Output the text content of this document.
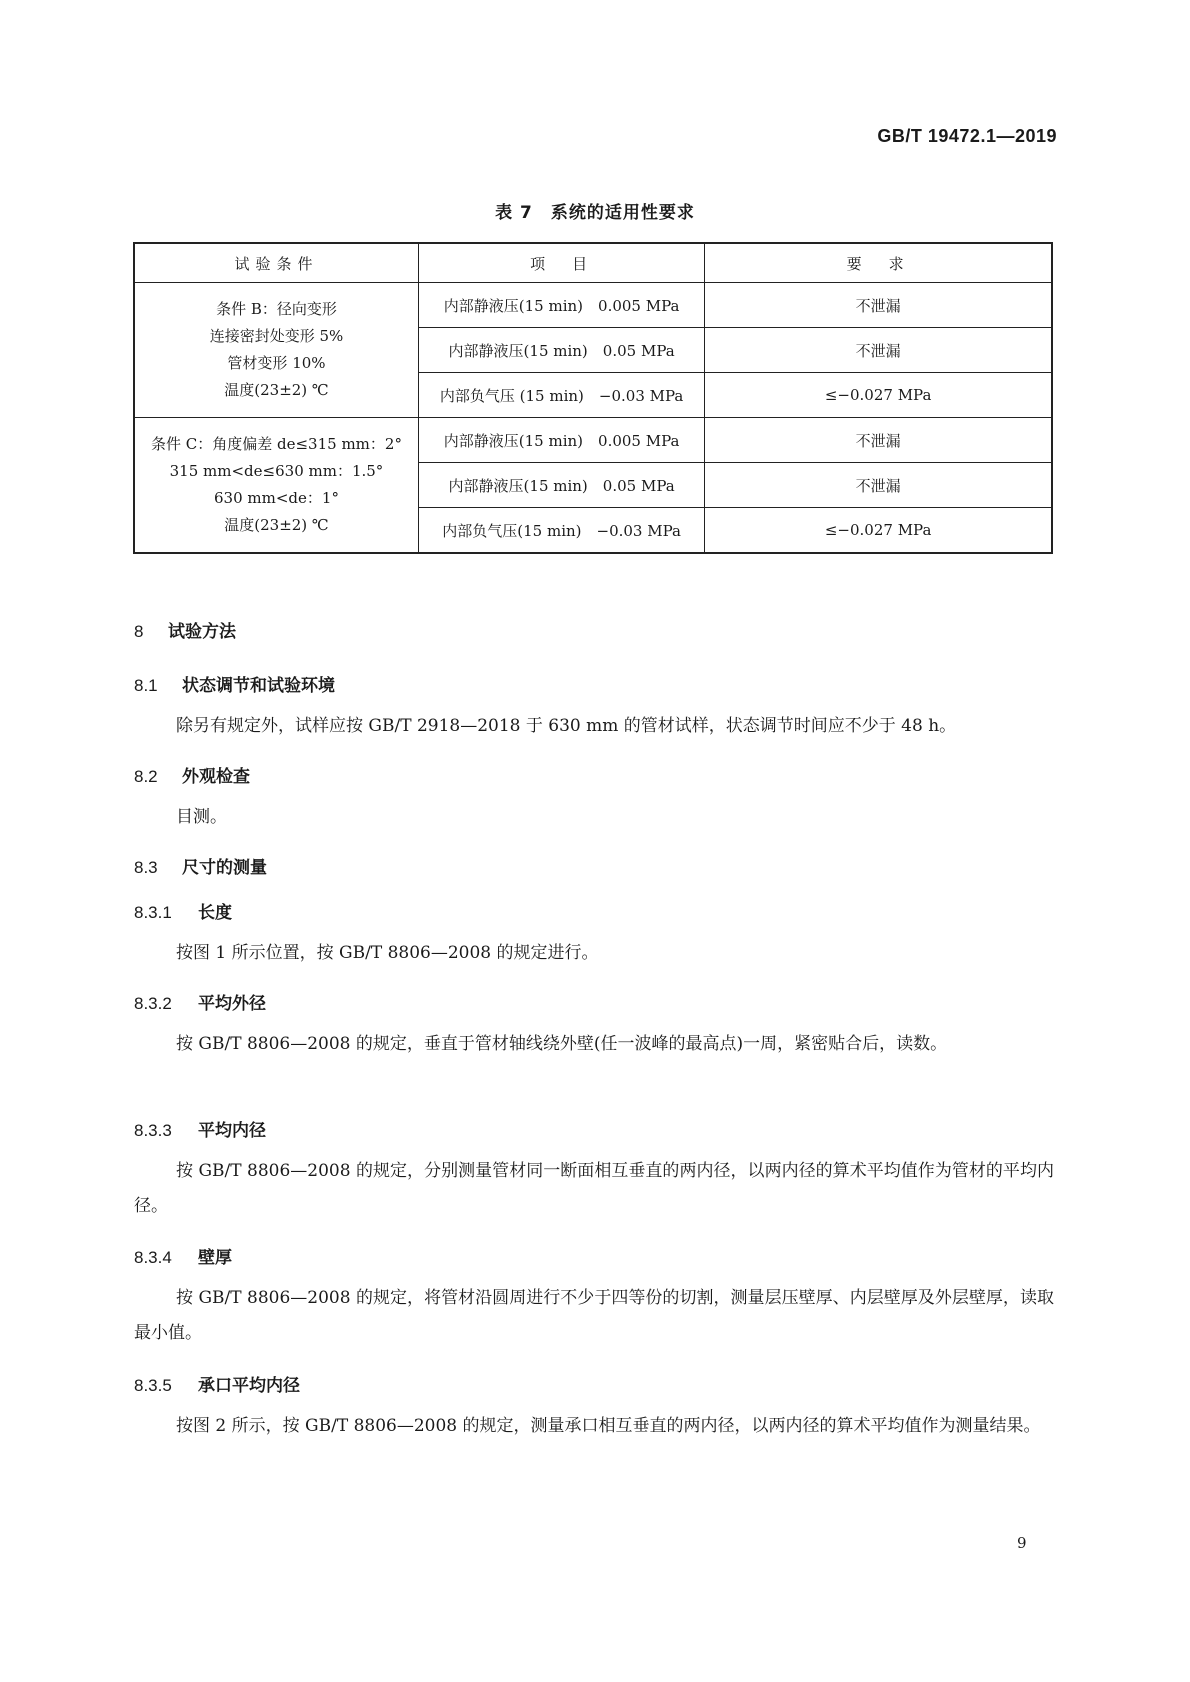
GB/T 19472.1—2019
表 7　系统的适用性要求
试验条件	项　目	要　求

条件 B：径向变形
连接密封处变形 5%
管材变形 10%
温度(23±2) ℃	内部静液压(15 min)　0.005 MPa	不泄漏
	内部静液压(15 min)　0.05 MPa	不泄漏
	内部负气压 (15 min)　−0.03 MPa	≤−0.027 MPa

条件 C：角度偏差 de≤315 mm：2°
315 mm<de≤630 mm：1.5°
630 mm<de：1°
温度(23±2) ℃	内部静液压(15 min)　0.005 MPa	不泄漏
	内部静液压(15 min)　0.05 MPa	不泄漏
	内部负气压(15 min)　−0.03 MPa	≤−0.027 MPa
8 试验方法
8.1 状态调节和试验环境
除另有规定外，试样应按 GB/T 2918—2018 于 630 mm 的管材试样，状态调节时间应不少于 48 h。
8.2 外观检查
目测。
8.3 尺寸的测量
8.3.1 长度
按图 1 所示位置，按 GB/T 8806—2008 的规定进行。
8.3.2 平均外径
按 GB/T 8806—2008 的规定，垂直于管材轴线绕外壁(任一波峰的最高点)一周，紧密贴合后，读数。
8.3.3 平均内径
按 GB/T 8806—2008 的规定，分别测量管材同一断面相互垂直的两内径，以两内径的算术平均值作为管材的平均内径。
8.3.4 壁厚
按 GB/T 8806—2008 的规定，将管材沿圆周进行不少于四等份的切割，测量层压壁厚、内层壁厚及外层壁厚，读取最小值。
8.3.5 承口平均内径
按图 2 所示，按 GB/T 8806—2008 的规定，测量承口相互垂直的两内径，以两内径的算术平均值作为测量结果。
9
